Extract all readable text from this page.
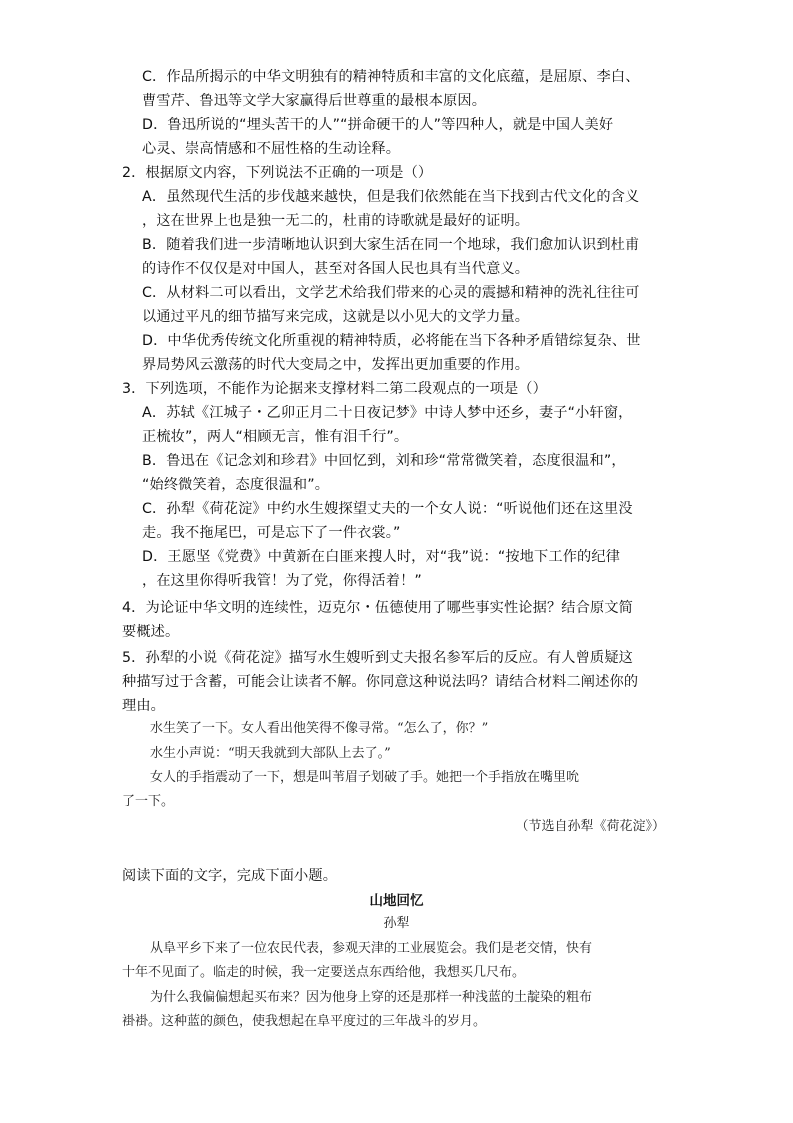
C．作品所揭示的中华文明独有的精神特质和丰富的文化底蕴，是屈原、李白、
曹雪芹、鲁迅等文学大家赢得后世尊重的最根本原因。
D．鲁迅所说的“埋头苦干的人”“拼命硬干的人”等四种人，就是中国人美好
心灵、崇高情感和不屈性格的生动诠释。
2．根据原文内容，下列说法不正确的一项是（）
A．虽然现代生活的步伐越来越快，但是我们依然能在当下找到古代文化的含义
，这在世界上也是独一无二的，杜甫的诗歌就是最好的证明。
B．随着我们进一步清晰地认识到大家生活在同一个地球，我们愈加认识到杜甫
的诗作不仅仅是对中国人，甚至对各国人民也具有当代意义。
C．从材料二可以看出，文学艺术给我们带来的心灵的震撼和精神的洗礼往往可
以通过平凡的细节描写来完成，这就是以小见大的文学力量。
D．中华优秀传统文化所重视的精神特质，必将能在当下各种矛盾错综复杂、世
界局势风云激荡的时代大变局之中，发挥出更加重要的作用。
3．下列选项，不能作为论据来支撑材料二第二段观点的一项是（）
A．苏轼《江城子・乙卯正月二十日夜记梦》中诗人梦中还乡，妻子“小轩窗，
正梳妆”，两人“相顾无言，惟有泪千行”。
B．鲁迅在《记念刘和珍君》中回忆到，刘和珍“常常微笑着，态度很温和”，
“始终微笑着，态度很温和”。
C．孙犁《荷花淀》中约水生嫂探望丈夫的一个女人说：“听说他们还在这里没
走。我不拖尾巴，可是忘下了一件衣裳。”
D．王愿坚《党费》中黄新在白匪来搜人时，对“我”说：“按地下工作的纪律
，在这里你得听我管！为了党，你得活着！”
4．为论证中华文明的连续性，迈克尔・伍德使用了哪些事实性论据？结合原文简
要概述。
5．孙犁的小说《荷花淀》描写水生嫂听到丈夫报名参军后的反应。有人曾质疑这
种描写过于含蓄，可能会让读者不解。你同意这种说法吗？请结合材料二阐述你的
理由。
水生笑了一下。女人看出他笑得不像寻常。“怎么了，你？”
水生小声说：“明天我就到大部队上去了。”
女人的手指震动了一下，想是叫苇眉子划破了手。她把一个手指放在嘴里吮
了一下。
（节选自孙犁《荷花淀》）
阅读下面的文字，完成下面小题。
山地回忆
孙犁
从阜平乡下来了一位农民代表，参观天津的工业展览会。我们是老交情，快有
十年不见面了。临走的时候，我一定要送点东西给他，我想买几尺布。
为什么我偏偏想起买布来？因为他身上穿的还是那样一种浅蓝的土靛染的粗布
褂褂。这种蓝的颜色，使我想起在阜平度过的三年战斗的岁月。
